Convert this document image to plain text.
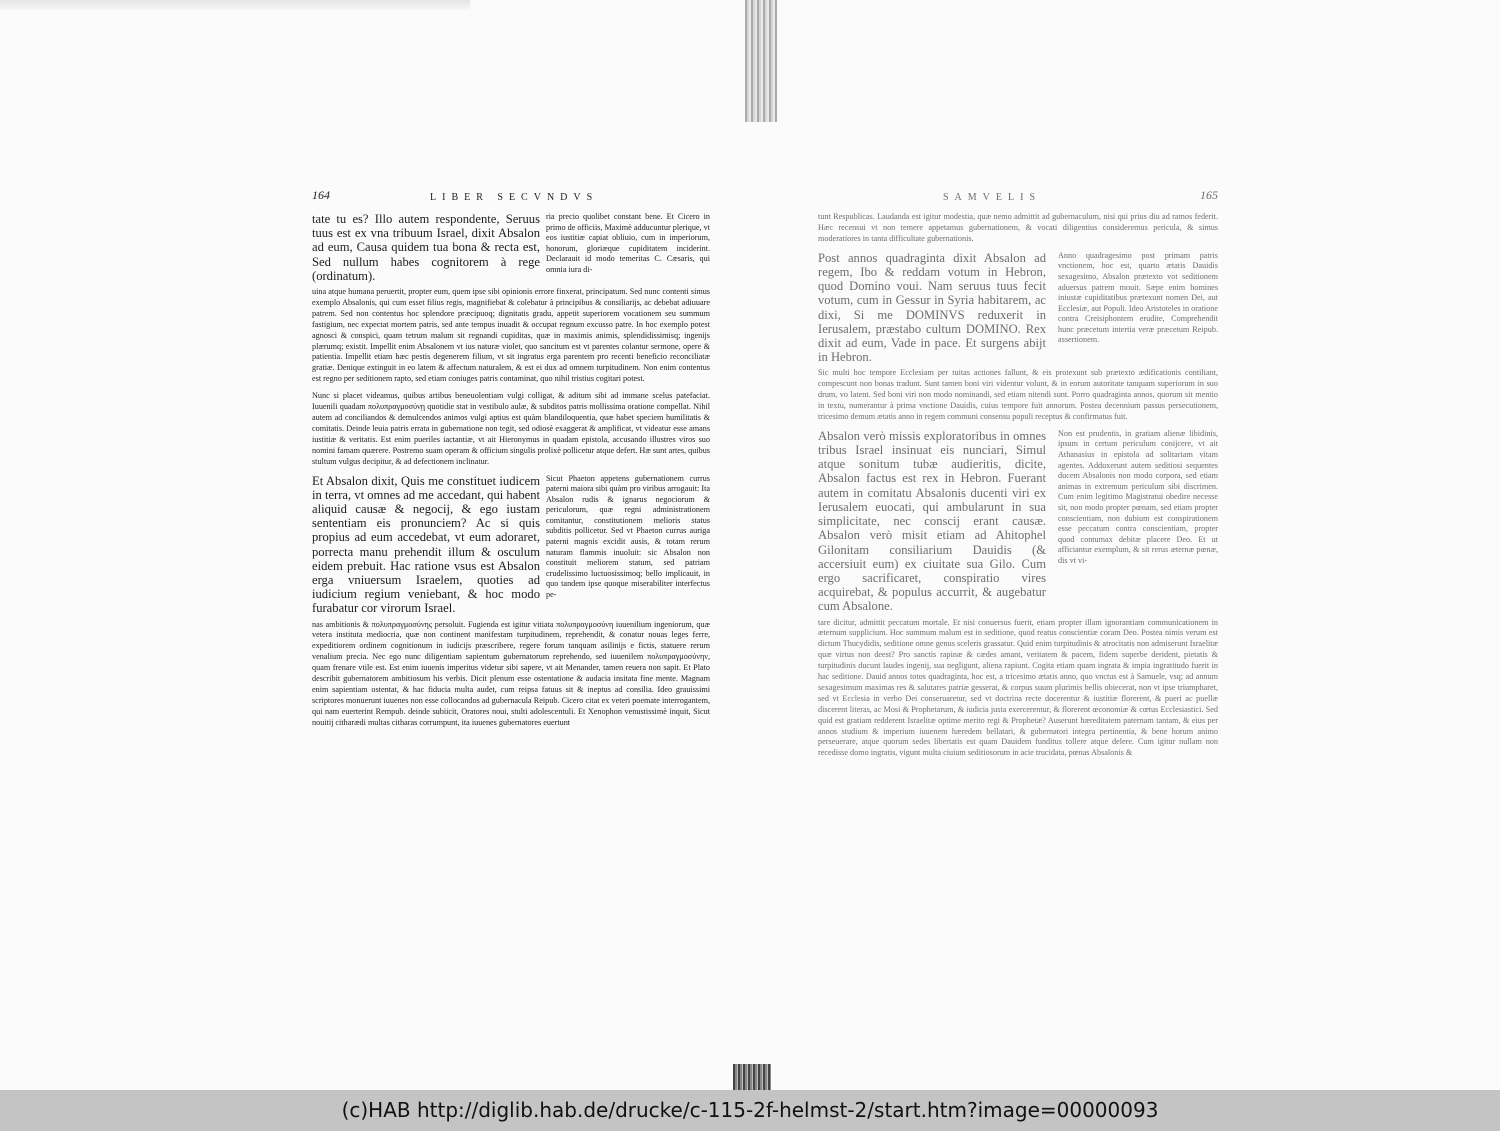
164	LIBER SECVNDVS
tate tu es? Illo autem respondente, Seruus tuus est ex vna tribuum Israel, dixit Absalon ad eum, Causa quidem tua bona & recta est, Sed nullum habes cognitorem à rege (ordinatum).
ria precio quolibet constant bene. Et Cicero in primo de officiis, Maximè adducuntur plerique, vt eos iustitiæ capiat obliuio, cum in imperiorum, honorum, gloriæque cupiditatem inciderint. Declarauit id modo temeritas C. Cæsaris, qui omnia iura di-

uina atque humana peruertit, propter eum, quem ipse sibi opinionis errore finxerat, principatum. Sed nunc contenti simus exemplo Absalonis, qui cum esset filius regis, magnifiebat & colebatur à principibus & consiliarijs, ac debebat adiuuare patrem. Sed non contentus hoc splendore præcipuoq; dignitatis gradu, appetit superiorem vocationem seu summum fastigium, nec expectat mortem patris, sed ante tempus inuadit & occupat regnum excusso patre. In hoc exemplo potest agnosci & conspici, quam tetrum malum sit regnandi cupiditas, quæ in maximis animis, splendidissimisq; ingenijs plærumq; existit. Impellit enim Absalonem vt ius naturæ violet, quo sancitum est vt parentes colantur sermone, opere & patientia. Impellit etiam hæc pestis degenerem filium, vt sit ingratus erga parentem pro recenti beneficio reconciliatæ gratiæ. Denique extinguit in eo latem & affectum naturalem, & est ei dux ad omnem turpitudinem. Non enim contentus est regno per seditionem rapto, sed etiam coniuges patris contaminat, quo nihil tristius cogitari potest.

Nunc si placet videamus, quibus artibus beneuolentiam vulgi colligat, & aditum sibi ad immane scelus patefaciat. Iuuenili quadam πολυπραγμοσύνῃ quotidie stat in vestibulo aulæ, & subditos patris mollissima oratione compellat. Nihil autem ad conciliandos & demulcendos animos vulgi aptius est quàm blandiloquentia, quæ habet speciem humilitatis & comitatis. Deinde leuia patris errata in gubernatione non tegit, sed odiosè exaggerat & amplificat, vt videatur esse amans iustitiæ & veritatis. Est enim pueriles iactantiæ, vt ait Hieronymus in quadam epistola, accusando illustres viros suo nomini famam quærere. Postremo suam operam & officium singulis prolixè pollicetur atque defert. Hæ sunt artes, quibus stultum vulgus decipitur, & ad defectionem inclinatur.

Et Absalon dixit, Quis me constituet iudicem in terra, vt omnes ad me accedant, qui habent aliquid causæ & negocij, & ego iustam sententiam eis pronunciem? Ac si quis propius ad eum accedebat, vt eum adoraret, porrecta manu prehendit illum & osculum eidem prebuit. Hac ratione vsus est Absalon erga vniuersum Israelem, quoties ad iudicium regium veniebant, & hoc modo furabatur cor virorum Israel.
Sicut Phaeton appetens gubernationem currus paterni maiora sibi quàm pro viribus arrogauit: Ita Absalon rudis & ignarus negociorum & periculorum, quæ regni administrationem comitantur, constitutionem melioris status subditis pollicetur. Sed vt Phaeton currus auriga paterni magnis excidit ausis, & totam rerum naturam flammis inuoluit: sic Absalon non constituit meliorem statum, sed patriam crudelissimo luctuosissimoq; bello implicauit, in quo tandem ipse quoque miserabiliter interfectus pe-

nas ambitionis & πολυπραγμοσύνης persoluit. Fugienda est igitur vitiata πολυπραγμοσύνη iuuenilium ingeniorum, quæ vetera instituta mediocria, quæ non continent manifestam turpitudinem, reprehendit, & conatur nouas leges ferre, expeditiorem ordinem cognitionum in iudicijs præscribere, regere forum tanquam asilinijs e fictis, statuere rerum venalium precia. Nec ego nunc diligentiam sapientum gubernatorum reprehendo, sed iuuenilem πολυπραγμοσύνην, quam frenare vtile est. Est enim iuuenis imperitus videtur sibi sapere, vt ait Menander, tamen reuera non sapit. Et Plato describit gubernatorem ambitiosum his verbis. Dicit plenum esse ostentatione & audacia insitata fine mente. Magnam enim sapientiam ostentat, & hac fiducia multa audet, cum reipsa fatuus sit & ineptus ad consilia. Ideo grauissimi scriptores monuerunt iuuenes non esse collocandos ad gubernacula Reipub. Cicero citat ex veteri poemate interrogantem, qui nam euerterint Rempub. deinde subiicit, Oratores noui, stulti adolescentuli. Et Xenophon venustissimè inquit, Sicut nouitij citharædi multas citharas corrumpunt, ita iuuenes gubernatores euertunt

SAMVELIS	165

tunt Respublicas. Laudanda est igitur modestia, quæ nemo admittit ad gubernaculum, nisi qui prius diu ad ramos federit. Hæc recensui vt non temere appetamus gubernationem, & vocati diligentius consideremus pericula, & simus moderatiores in tanta difficultate gubernationis.

Post annos quadraginta dixit Absalon ad regem, Ibo & reddam votum in Hebron, quod Domino voui. Nam seruus tuus fecit votum, cum in Gessur in Syria habitarem, ac dixi, Si me DOMINVS reduxerit in Ierusalem, præstabo cultum DOMINO. Rex dixit ad eum, Vade in pace. Et surgens abijt in Hebron.
Anno quadragesimo post primam patris vnctionem, hoc est, quarto ætatis Dauidis sexagesimo, Absalon prætexto vot seditionem aduersus patrem mouit. Sæpe enim homines iniustæ cupiditatibus prætexunt nomen Dei, aut Ecclesiæ, aut Populi. Ideo Aristoteles in oratione contra Creisiphontem erudite, Comprehendit hunc præcetum intertia veræ præcetum Reipub. assertionem.

Sic multi hoc tempore Ecclesiam per tuitas actiones fallunt, & eis protexunt sub prætexto ædificationis contiliant, compescunt non bonas tradunt. Sunt tamen boni viri videntur volunt, & in eorum autoritate tanquam superiorum in suo drum, vo latent. Sed boni viri non modo nominandi, sed etiam nitendi sunt. Porro quadraginta annos, quorum sit mentio in textu, numerantur à prima vnctione Dauidis, cuius tempore fuit annorum. Postea decennium passus persecutionem, tricesimo demum ætatis anno in regem communi consensu populi receptus & confirmatus fuit.

Absalon verò missis exploratoribus in omnes tribus Israel insinuat eis nunciari, Simul atque sonitum tubæ audieritis, dicite, Absalon factus est rex in Hebron. Fuerant autem in comitatu Absalonis ducenti viri ex Ierusalem euocati, qui ambularunt in sua simplicitate, nec conscij erant causæ. Absalon verò misit etiam ad Ahitophel Gilonitam consiliarium Dauidis (& accersiuit eum) ex ciuitate sua Gilo. Cum ergo sacrificaret, conspiratio vires acquirebat, & populus accurrit, & augebatur cum Absalone.
Non est prudentis, in gratiam alienæ libidinis, ipsum in certum periculum conijcere, vt ait Athanasius in epistola ad solitariam vitam agentes. Adduxerunt autem seditiosi sequentes ducem Absalonis non modo corpora, sed etiam animas in extremum periculum sibi discrimen. Cum enim legitimo Magistratui obedire necesse sit, non modo propter pœnam, sed etiam propter conscientiam, non dubium est conspirationem esse peccatum contra conscientiam, propter quod contumax debitæ placere Deo. Et ut afficiantur exemplum, & sit rerus æternæ pœnæ, dis vt vi-

tare dicitur, admittit peccatum mortale. Et nisi conuersus fuerit, etiam propter illam ignorantiam communicationem in æternum supplicium. Hoc summum malum est in seditione, quod reatus conscientiæ coram Deo. Postea nimis verum est dictum Thucydidis, seditione omne genus sceleris grassatur. Quid enim turpitudinis & atrocitatis non admiserunt Israelitæ quæ virtus non deest? Pro sanctis rapinæ & cædes amant, veritatem & pacem, fidem superbe derident, pietatis & turpitudinis ducunt laudes ingenij, sua negligunt, aliena rapiunt. Cogita etiam quam ingrata & impia ingratitudo fuerit in hac seditione. Dauid annos totos quadraginta, hoc est, a tricesimo ætatis anno, quo vnctus est à Samuele, vsq; ad annum sexagesimum maximas res & salutares patriæ gesserat, & corpus suum plurimis bellis obiecerat, non vt ipse triumpharet, sed vt Ecclesia in verbo Dei conseruaretur, sed vt doctrina recte docerentur & iustitiæ florerent, & pueri ac puellæ discerent literas, ac Mosi & Prophetarum, & iudicia justa exercerentur, & florerent œconomiæ & cœtus Ecclesiastici. Sed quid est gratiam redderent Israelitæ optime merito regi & Prophetæ? Auserunt hæreditatem paternam tantam, & eius per annos studium & imperium iuuenem hæredem bellatari, & gubernatori integra pertinentia, & bene horum animo perseuerare, atque quorum sedes libertatis est quam Dauidem funditus tollere atque delere. Cum igitur nullam non recedisse domo ingratis, vigunt multa ciuium seditiosorum in acie trucidata, pœnas Absalonis &

(c)HAB http://diglib.hab.de/drucke/c-115-2f-helmst-2/start.htm?image=00000093
